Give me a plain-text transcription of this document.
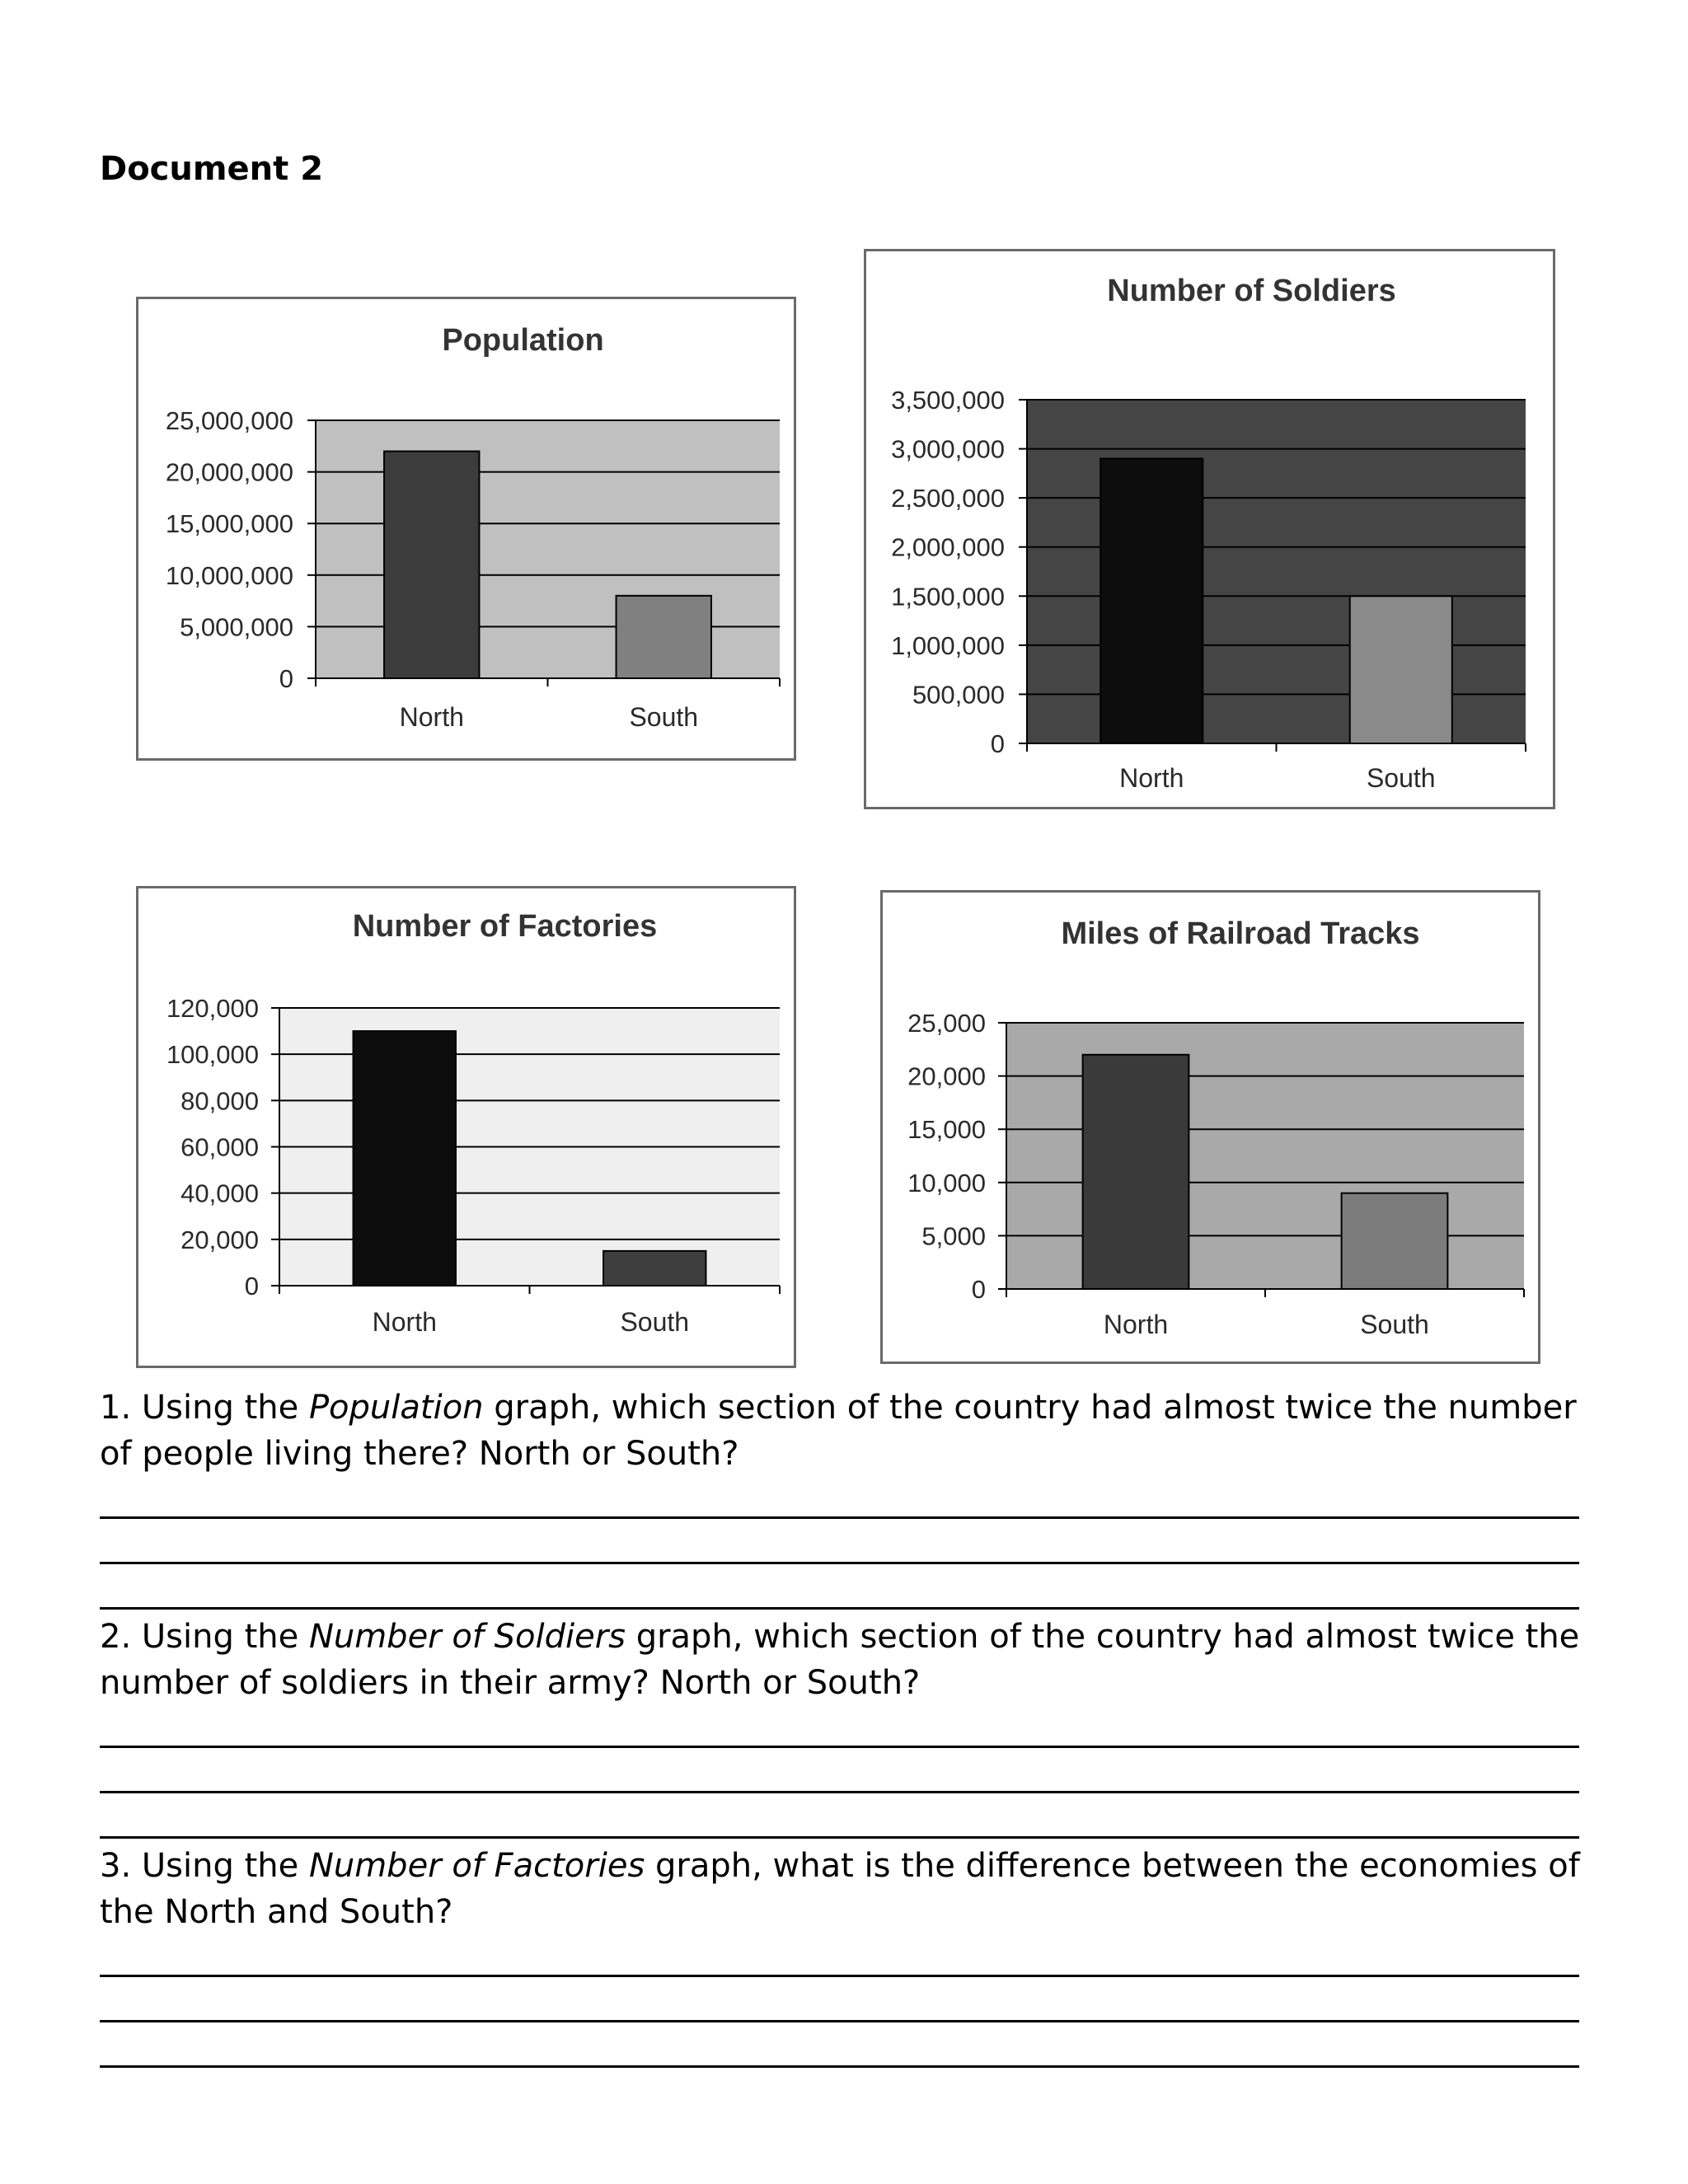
Document 2
Population
0
5,000,000
10,000,000
15,000,000
20,000,000
25,000,000
North	South
Number of Soldiers
0
500,000
1,000,000
1,500,000
2,000,000
2,500,000
3,000,000
3,500,000
North	South
Number of Factories
0
20,000
40,000
60,000
80,000
100,000
120,000
North	South
Miles of Railroad Tracks
0
5,000
10,000
15,000
20,000
25,000
North	South
1. Using the Population graph, which section of the country had almost twice the number of people living there? North or South?
2. Using the Number of Soldiers graph, which section of the country had almost twice the number of soldiers in their army? North or South?
3. Using the Number of Factories graph, what is the difference between the economies of the North and South?
